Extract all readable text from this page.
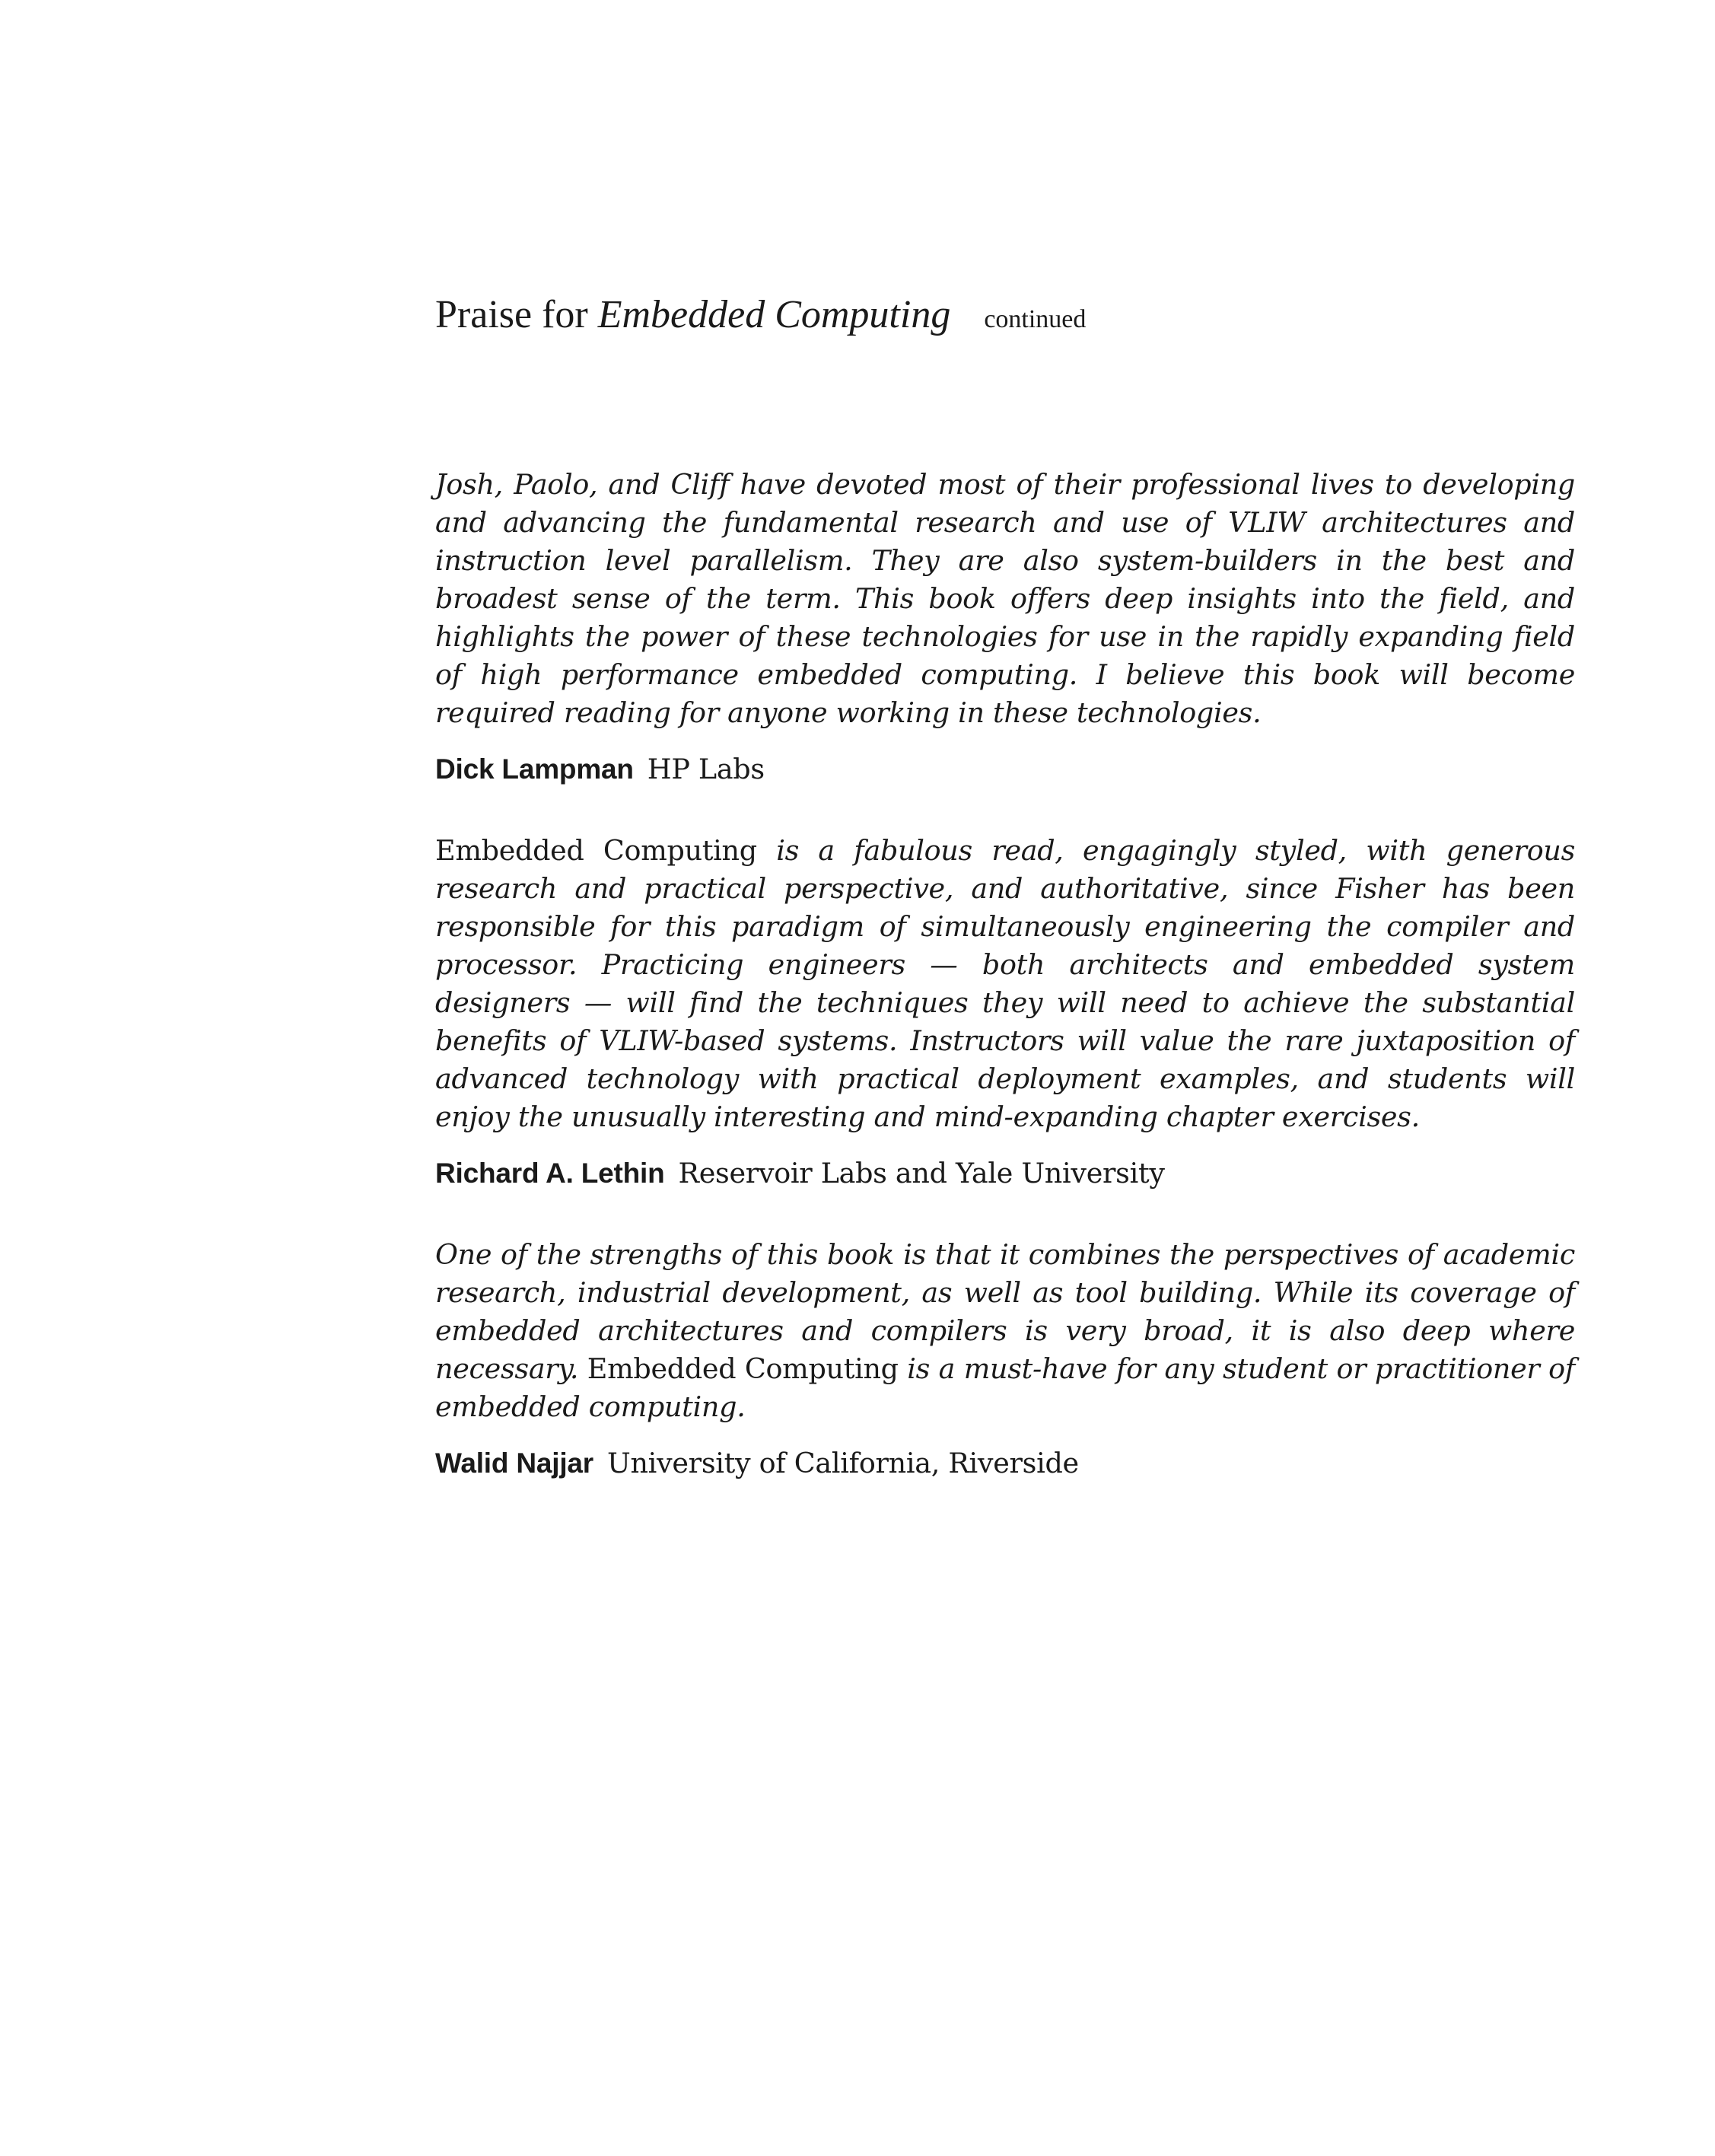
Praise for Embedded Computing continued

Josh, Paolo, and Cliff have devoted most of their professional lives to developing and advancing the fundamental research and use of VLIW architectures and instruction level parallelism. They are also system-builders in the best and broadest sense of the term. This book offers deep insights into the field, and highlights the power of these technologies for use in the rapidly expanding field of high performance embedded computing. I believe this book will become required reading for anyone working in these technologies.

Dick Lampman HP Labs

Embedded Computing is a fabulous read, engagingly styled, with generous research and practical perspective, and authoritative, since Fisher has been responsible for this paradigm of simultaneously engineering the compiler and processor. Practicing engineers — both architects and embedded system designers — will find the techniques they will need to achieve the substantial benefits of VLIW-based systems. Instructors will value the rare juxtaposition of advanced technology with practical deployment examples, and students will enjoy the unusually interesting and mind-expanding chapter exercises.

Richard A. Lethin Reservoir Labs and Yale University

One of the strengths of this book is that it combines the perspectives of academic research, industrial development, as well as tool building. While its coverage of embedded architectures and compilers is very broad, it is also deep where necessary. Embedded Computing is a must-have for any student or practitioner of embedded computing.

Walid Najjar University of California, Riverside
